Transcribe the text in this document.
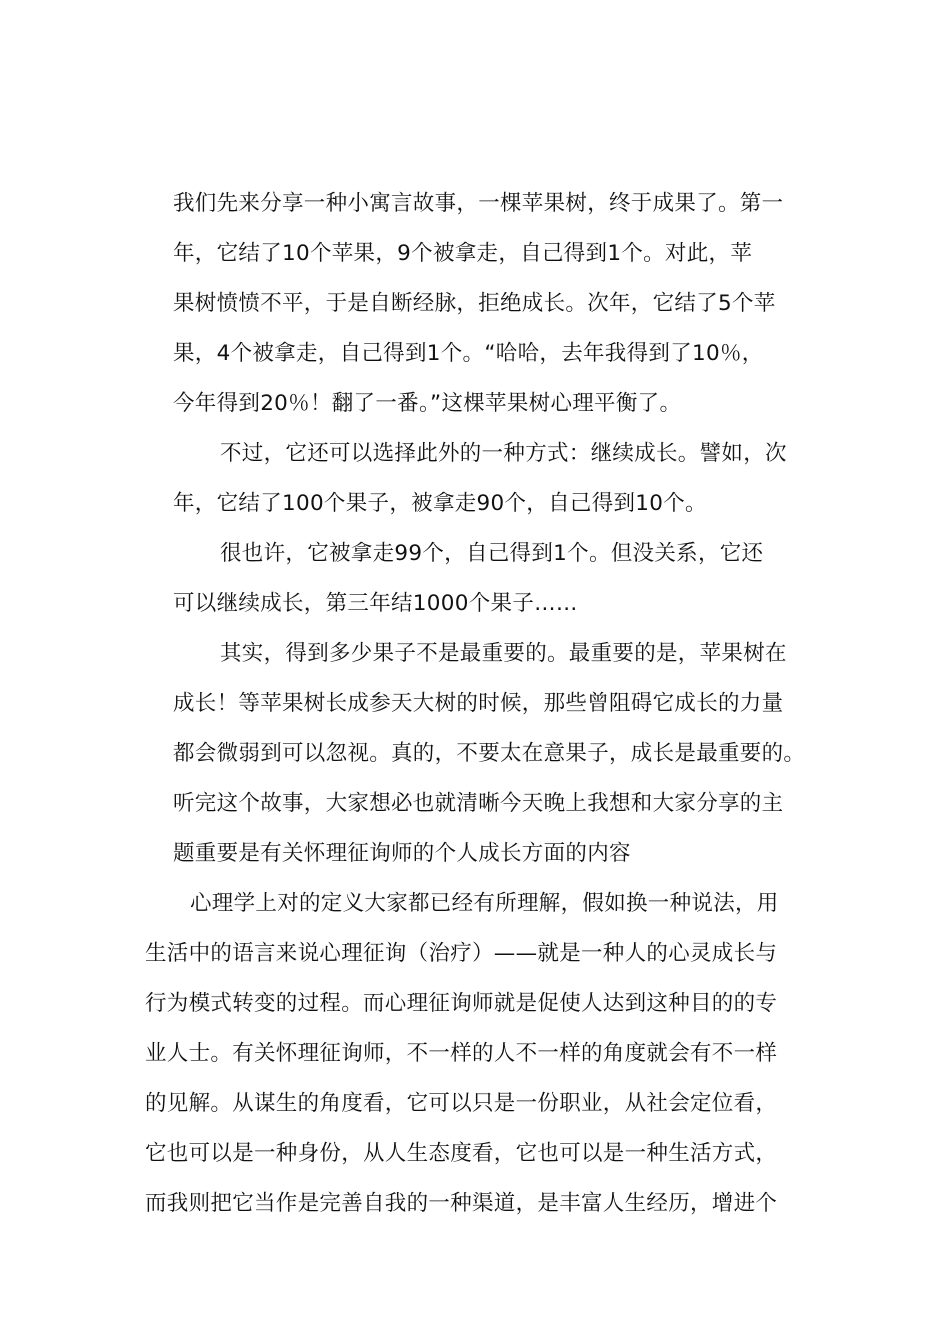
我们先来分享一种小寓言故事，一棵苹果树，终于成果了。第一
年，它结了10个苹果，9个被拿走，自己得到1个。对此，苹
果树愤愤不平，于是自断经脉，拒绝成长。次年，它结了5个苹
果，4个被拿走，自己得到1个。“哈哈，去年我得到了10％，
今年得到20％！翻了一番。”这棵苹果树心理平衡了。
不过，它还可以选择此外的一种方式：继续成长。譬如，次
年，它结了100个果子，被拿走90个，自己得到10个。
很也许，它被拿走99个，自己得到1个。但没关系，它还
可以继续成长，第三年结1000个果子……
其实，得到多少果子不是最重要的。最重要的是，苹果树在
成长！等苹果树长成参天大树的时候，那些曾阻碍它成长的力量
都会微弱到可以忽视。真的，不要太在意果子，成长是最重要的。
听完这个故事，大家想必也就清晰今天晚上我想和大家分享的主
题重要是有关怀理征询师的个人成长方面的内容
心理学上对的定义大家都已经有所理解，假如换一种说法，用
生活中的语言来说心理征询（治疗）——就是一种人的心灵成长与
行为模式转变的过程。而心理征询师就是促使人达到这种目的的专
业人士。有关怀理征询师，不一样的人不一样的角度就会有不一样
的见解。从谋生的角度看，它可以只是一份职业，从社会定位看，
它也可以是一种身份，从人生态度看，它也可以是一种生活方式，
而我则把它当作是完善自我的一种渠道，是丰富人生经历，增进个
